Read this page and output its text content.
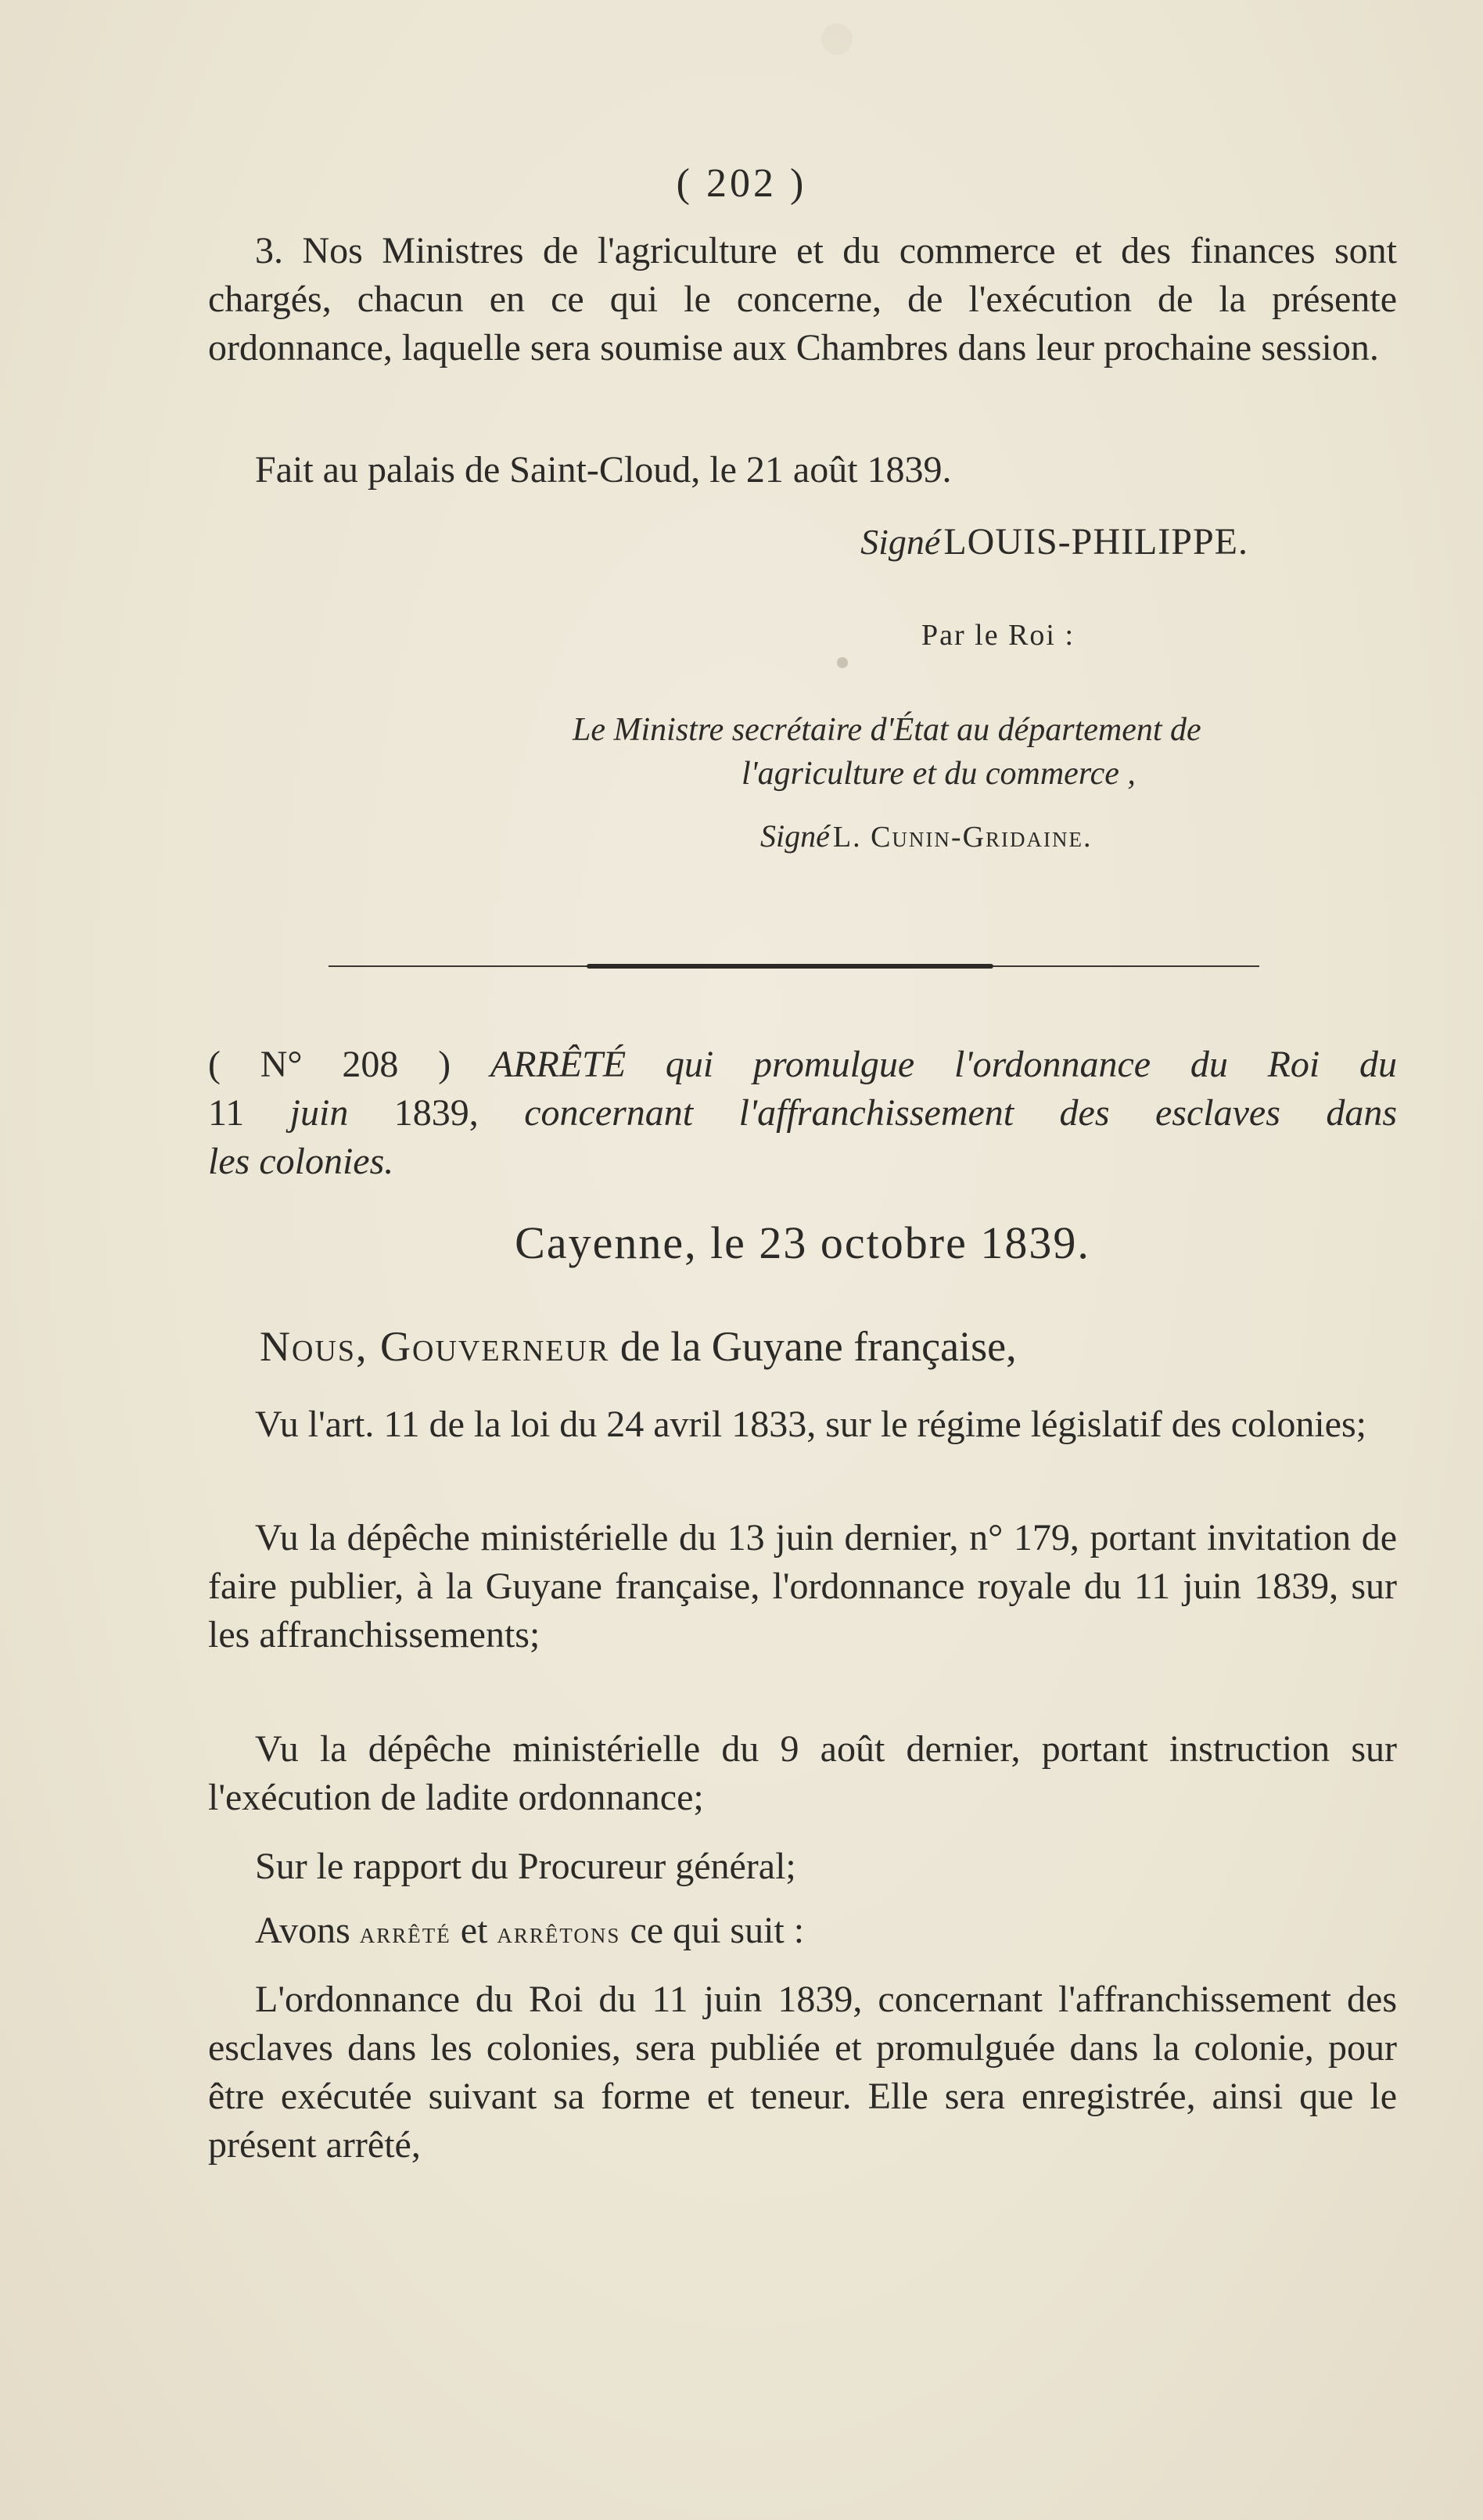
( 202 )

3. Nos Ministres de l'agriculture et du commerce et des finances sont chargés, chacun en ce qui le concerne, de l'exécution de la présente ordonnance, laquelle sera soumise aux Chambres dans leur prochaine session.

Fait au palais de Saint-Cloud, le 21 août 1839.

Signé LOUIS-PHILIPPE.
Par le Roi :
Le Ministre secrétaire d'État au département de
l'agriculture et du commerce ,
Signé L. Cunin-Gridaine.
( N° 208 ) ARRÊTÉ qui promulgue l'ordonnance du Roi du
11 juin 1839, concernant l'affranchissement des esclaves dans
les colonies.
Cayenne, le 23 octobre 1839.
Nous, Gouverneur de la Guyane française,

Vu l'art. 11 de la loi du 24 avril 1833, sur le régime législatif des colonies;

Vu la dépêche ministérielle du 13 juin dernier, n° 179, portant invitation de faire publier, à la Guyane française, l'ordonnance royale du 11 juin 1839, sur les affranchissements;

Vu la dépêche ministérielle du 9 août dernier, portant instruction sur l'exécution de ladite ordonnance;

Sur le rapport du Procureur général;

Avons arrêté et arrêtons ce qui suit :

L'ordonnance du Roi du 11 juin 1839, concernant l'affranchissement des esclaves dans les colonies, sera publiée et promulguée dans la colonie, pour être exécutée suivant sa forme et teneur. Elle sera enregistrée, ainsi que le présent arrêté,
